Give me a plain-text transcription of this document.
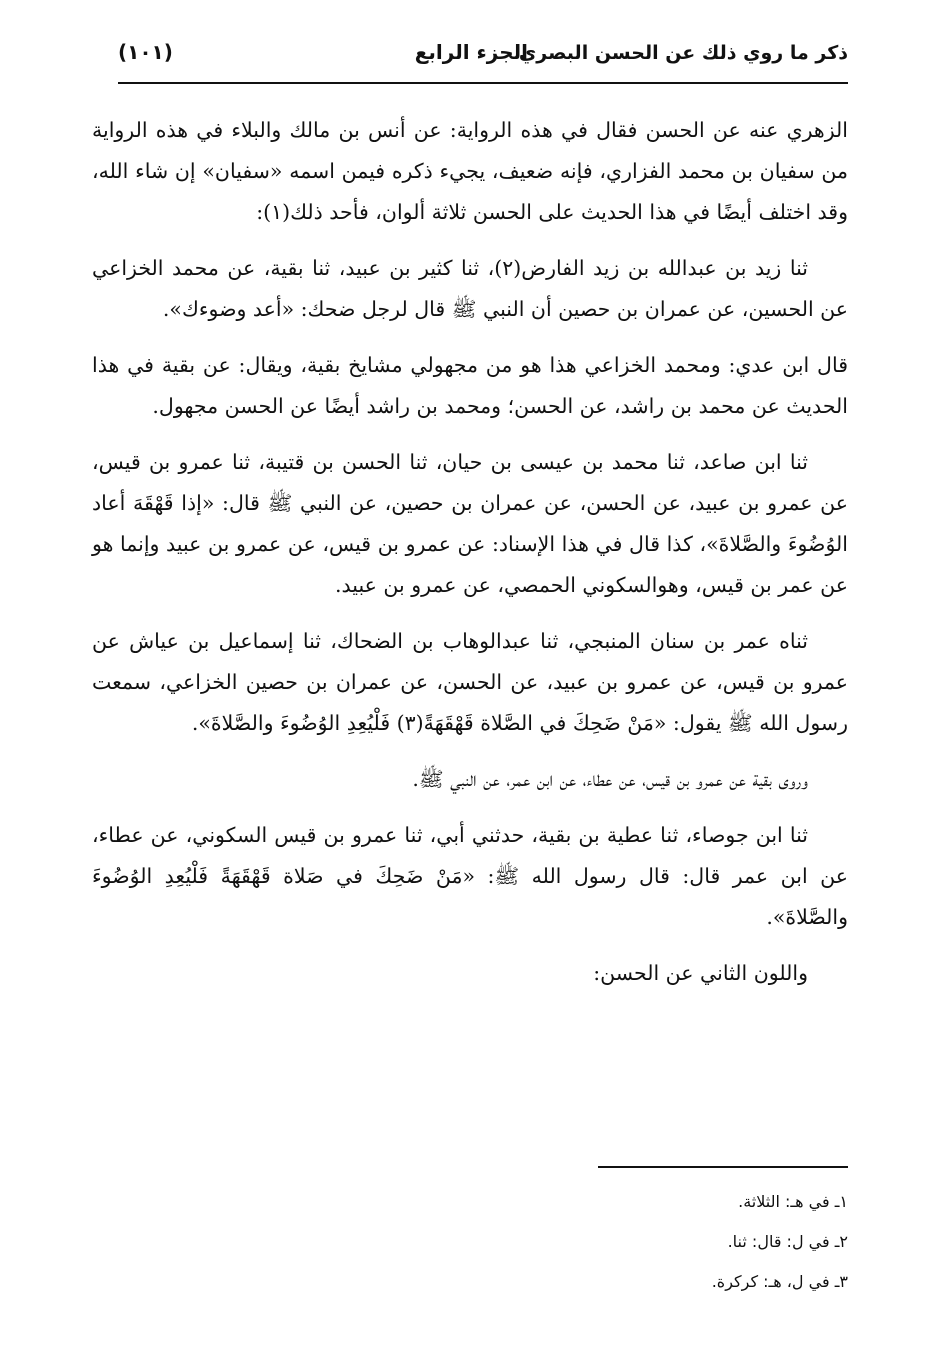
ذكر ما روي ذلك عن الحسن البصري
الجزء الرابع
(١٠١)

الزهري عنه عن الحسن فقال في هذه الرواية: عن أنس بن مالك والبلاء في هذه الرواية من سفيان بن محمد الفزاري، فإنه ضعيف، يجيء ذكره فيمن اسمه «سفيان» إن شاء الله، وقد اختلف أيضًا في هذا الحديث على الحسن ثلاثة ألوان، فأحد ذلك(١):

ثنا زيد بن عبدالله بن زيد الفارض(٢)، ثنا كثير بن عبيد، ثنا بقية، عن محمد الخزاعي عن الحسين، عن عمران بن حصين أن النبي ﷺ قال لرجل ضحك: «أعد وضوءك».

قال ابن عدي: ومحمد الخزاعي هذا هو من مجهولي مشايخ بقية، ويقال: عن بقية في هذا الحديث عن محمد بن راشد، عن الحسن؛ ومحمد بن راشد أيضًا عن الحسن مجهول.

ثنا ابن صاعد، ثنا محمد بن عيسى بن حيان، ثنا الحسن بن قتيبة، ثنا عمرو بن قيس، عن عمرو بن عبيد، عن الحسن، عن عمران بن حصين، عن النبي ﷺ قال: «إذا قَهْقَهَ أعاد الوُضُوءَ والصَّلاةَ»، كذا قال في هذا الإسناد: عن عمرو بن قيس، عن عمرو بن عبيد وإنما هو عن عمر بن قيس، وهوالسكوني الحمصي، عن عمرو بن عبيد.

ثناه عمر بن سنان المنبجي، ثنا عبدالوهاب بن الضحاك، ثنا إسماعيل بن عياش عن عمرو بن قيس، عن عمرو بن عبيد، عن الحسن، عن عمران بن حصين الخزاعي، سمعت رسول الله ﷺ يقول: «مَنْ ضَحِكَ في الصَّلاة قَهْقَهَةً(٣) فَلْيُعِدِ الوُضُوءَ والصَّلاةَ».

وروى بقية عن عمرو بن قيس، عن عطاء، عن ابن عمر، عن النبي ﷺ.

ثنا ابن جوصاء، ثنا عطية بن بقية، حدثني أبي، ثنا عمرو بن قيس السكوني، عن عطاء، عن ابن عمر قال: قال رسول الله ﷺ: «مَنْ ضَحِكَ في صَلاة قَهْقَهَةً فَلْيُعِدِ الوُضُوءَ والصَّلاةَ».

واللون الثاني عن الحسن:

١ـ في هـ: الثلاثة.
٢ـ في ل: قال: ثنا.
٣ـ في ل، هـ: كركرة.
